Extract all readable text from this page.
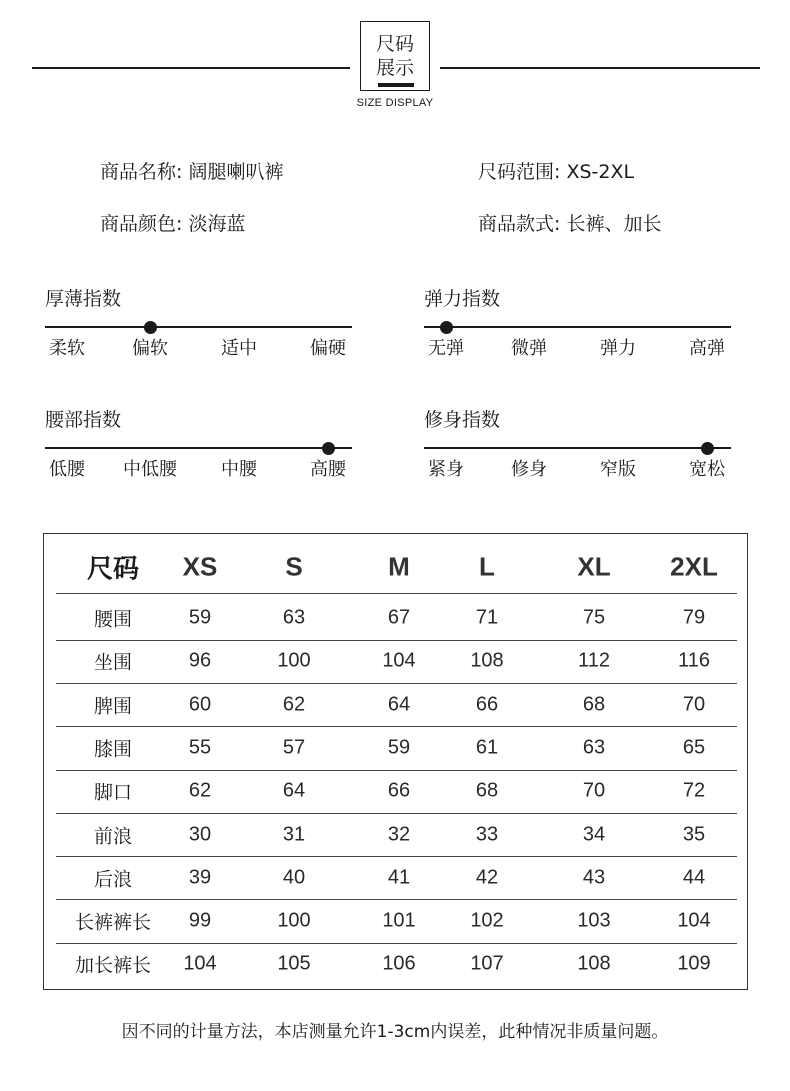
尺码
展示
SIZE DISPLAY
商品名称: 阔腿喇叭裤	尺码范围: XS-2XL
商品颜色: 淡海蓝	商品款式: 长裤、加长
厚薄指数
柔软	偏软	适中	偏硬
弹力指数
无弹	微弹	弹力	高弹
腰部指数
低腰 中低腰 中腰	高腰
修身指数
紧身	修身	窄版	宽松
尺码 XS	S	M	L	XL 2XL
腰围	59	63	67	71	75	79
坐围	96	100	104	108	112	116
脾围	60	62	64	66	68	70
膝围	55	57	59	61	63	65
脚口	62	64	66	68	70	72
前浪	30	31	32	33	34	35
后浪	39	40	41	42	43	44
长裤裤长 99	100	101	102	103	104
加长裤长 104	105	106	107	108	109
因不同的计量方法，本店测量允许1-3cm内误差，此种情况非质量问题。
